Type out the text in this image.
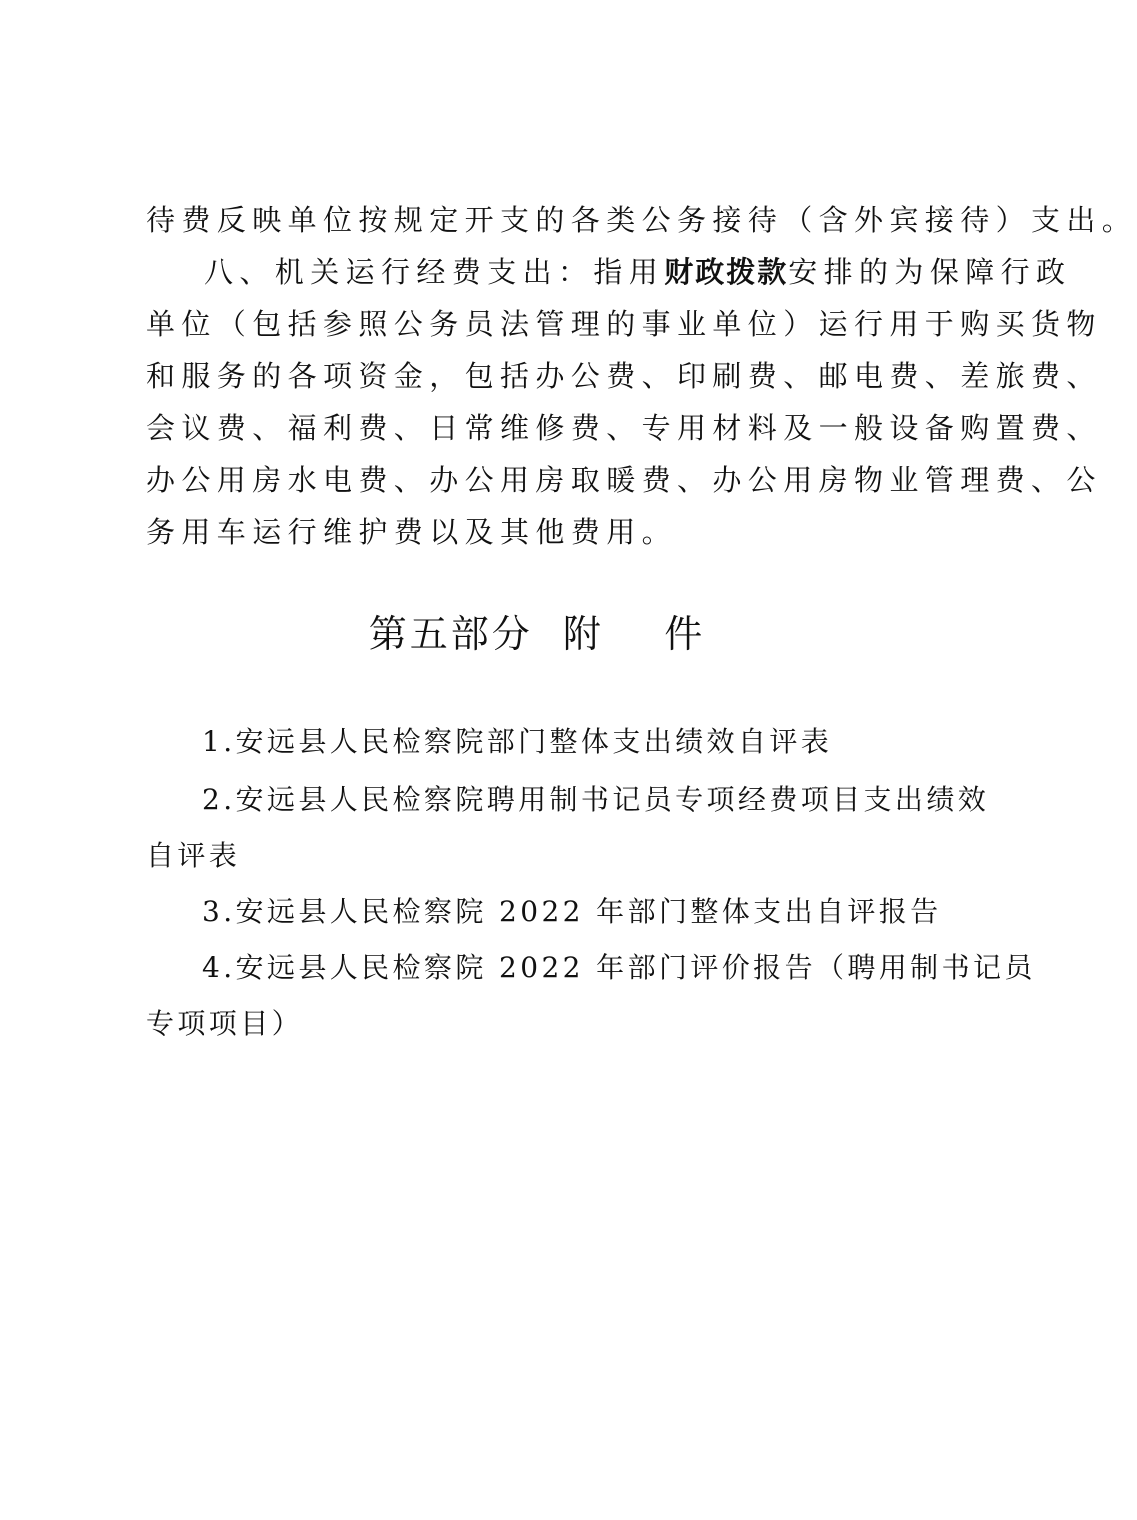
待费反映单位按规定开支的各类公务接待（含外宾接待）支出。
八、机关运行经费支出：指用财政拨款安排的为保障行政
单位（包括参照公务员法管理的事业单位）运行用于购买货物
和服务的各项资金，包括办公费、印刷费、邮电费、差旅费、
会议费、福利费、日常维修费、专用材料及一般设备购置费、
办公用房水电费、办公用房取暖费、办公用房物业管理费、公
务用车运行维护费以及其他费用。
第五部分  附    件
1.安远县人民检察院部门整体支出绩效自评表
2.安远县人民检察院聘用制书记员专项经费项目支出绩效
自评表
3.安远县人民检察院 2022 年部门整体支出自评报告
4.安远县人民检察院 2022 年部门评价报告（聘用制书记员
专项项目）
